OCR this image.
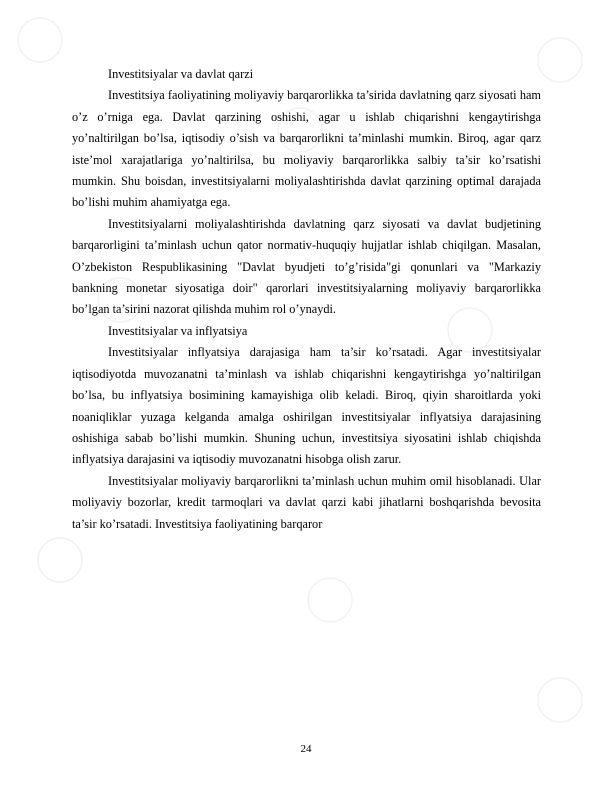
Investitsiyalar va davlat qarzi

Investitsiya faoliyatining moliyaviy barqarorlikka ta’sirida davlatning qarz siyosati ham o’z o’rniga ega. Davlat qarzining oshishi, agar u ishlab chiqarishni kengaytirishga yo’naltirilgan bo’lsa, iqtisodiy o’sish va barqarorlikni ta’minlashi mumkin. Biroq, agar qarz iste’mol xarajatlariga yo’naltirilsa, bu moliyaviy barqarorlikka salbiy ta’sir ko’rsatishi mumkin. Shu boisdan, investitsiyalarni moliyalashtirishda davlat qarzining optimal darajada bo’lishi muhim ahamiyatga ega.

Investitsiyalarni moliyalashtirishda davlatning qarz siyosati va davlat budjetining barqarorligini ta’minlash uchun qator normativ-huquqiy hujjatlar ishlab chiqilgan. Masalan, O’zbekiston Respublikasining "Davlat byudjeti to’g’risida"gi qonunlari va "Markaziy bankning monetar siyosatiga doir" qarorlari investitsiyalarning moliyaviy barqarorlikka bo’lgan ta’sirini nazorat qilishda muhim rol o’ynaydi.

Investitsiyalar va inflyatsiya

Investitsiyalar inflyatsiya darajasiga ham ta’sir ko’rsatadi. Agar investitsiyalar iqtisodiyotda muvozanatni ta’minlash va ishlab chiqarishni kengaytirishga yo’naltirilgan bo’lsa, bu inflyatsiya bosimining kamayishiga olib keladi. Biroq, qiyin sharoitlarda yoki noaniqliklar yuzaga kelganda amalga oshirilgan investitsiyalar inflyatsiya darajasining oshishiga sabab bo’lishi mumkin. Shuning uchun, investitsiya siyosatini ishlab chiqishda inflyatsiya darajasini va iqtisodiy muvozanatni hisobga olish zarur.

Investitsiyalar moliyaviy barqarorlikni ta’minlash uchun muhim omil hisoblanadi. Ular moliyaviy bozorlar, kredit tarmoqlari va davlat qarzi kabi jihatlarni boshqarishda bevosita ta’sir ko’rsatadi. Investitsiya faoliyatining barqaror

24
